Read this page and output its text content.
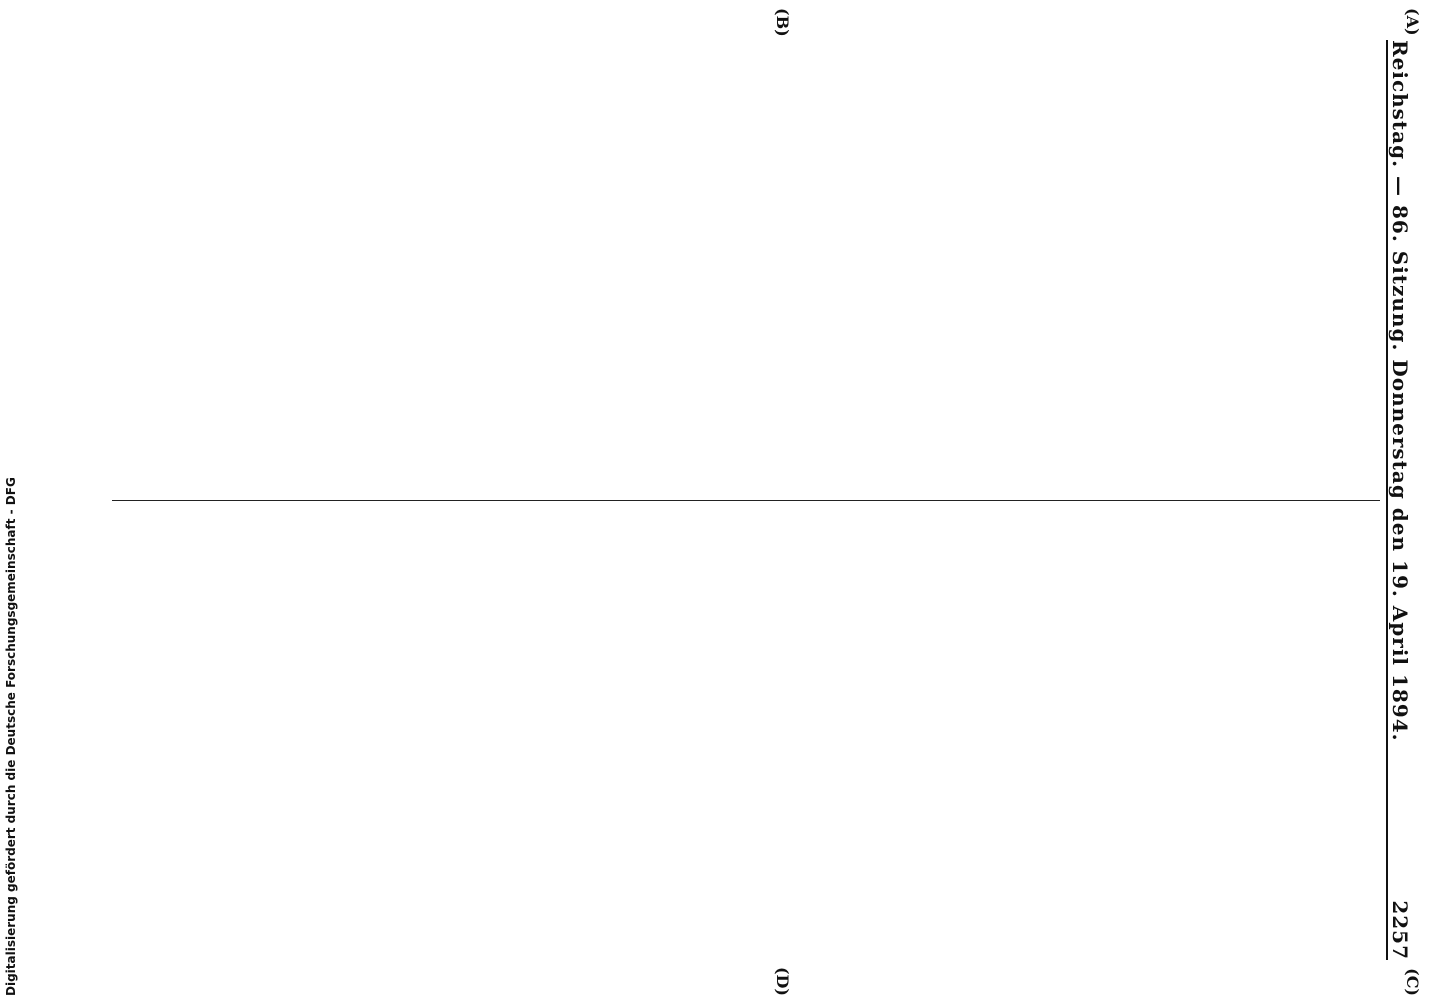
Digitalisierung gefördert durch die Deutsche Forschungsgemeinschaft - DFG	Reichstag. — 86. Sitzung. Donnerstag den 19. April 1894.
2257
(A)
(B)
(C)
(D)
